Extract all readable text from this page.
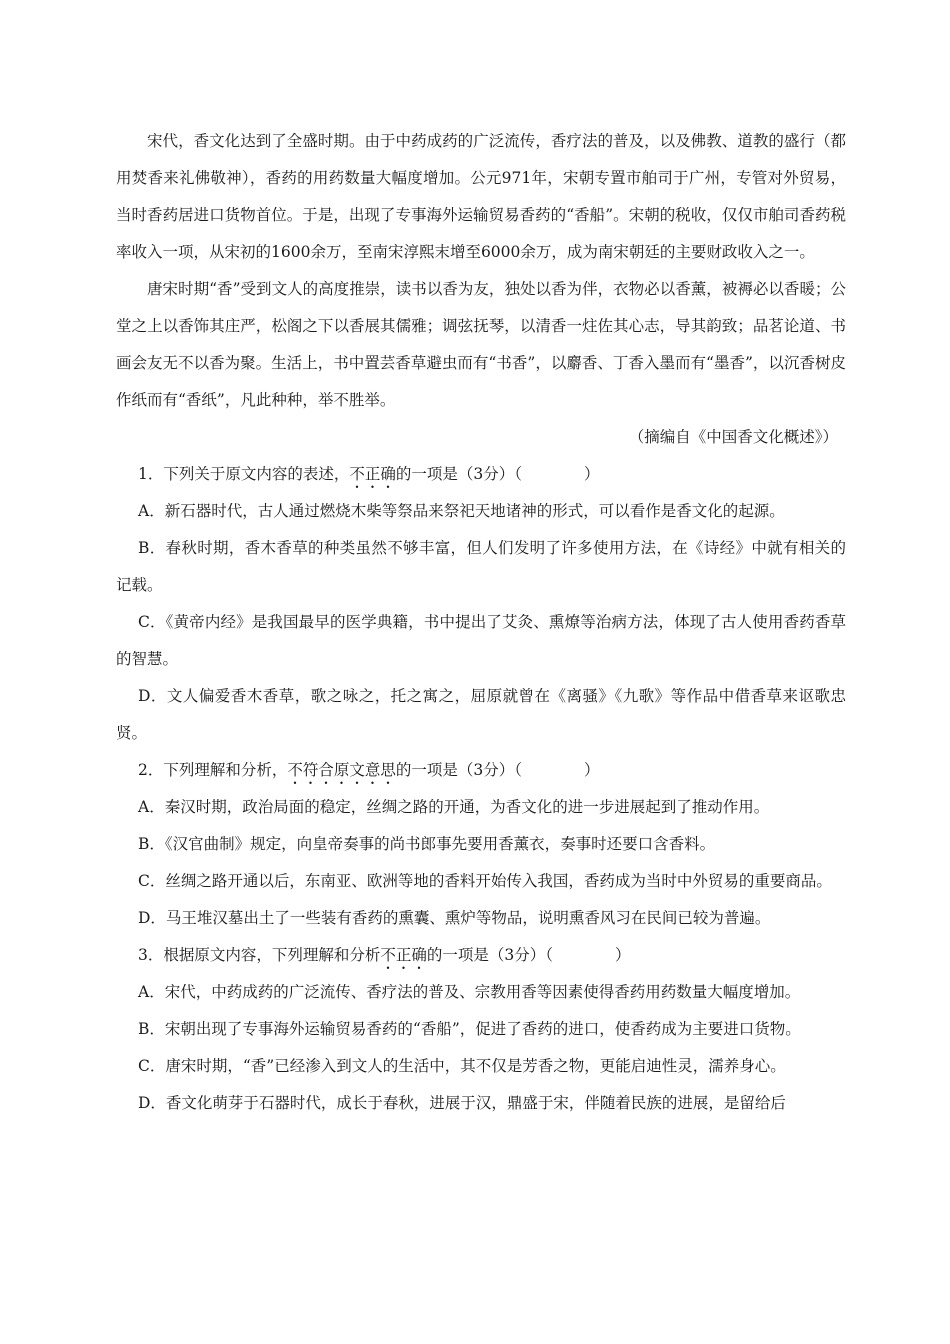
宋代，香文化达到了全盛时期。由于中药成药的广泛流传，香疗法的普及，以及佛教、道教的盛行（都用焚香来礼佛敬神），香药的用药数量大幅度增加。公元971年，宋朝专置市舶司于广州，专管对外贸易，当时香药居进口货物首位。于是，出现了专事海外运输贸易香药的“香船”。宋朝的税收，仅仅市舶司香药税率收入一项，从宋初的1600余万，至南宋淳熙末增至6000余万，成为南宋朝廷的主要财政收入之一。

唐宋时期“香”受到文人的高度推崇，读书以香为友，独处以香为伴，衣物必以香薰，被褥必以香暖；公堂之上以香饰其庄严，松阁之下以香展其儒雅；调弦抚琴，以清香一炷佐其心志，导其韵致；品茗论道、书画会友无不以香为聚。生活上，书中置芸香草避虫而有“书香”，以麝香、丁香入墨而有“墨香”，以沉香树皮作纸而有“香纸”，凡此种种，举不胜举。

（摘编自《中国香文化概述》）

1．下列关于原文内容的表述，不正确的一项是（3分）（　　　　）

A．新石器时代，古人通过燃烧木柴等祭品来祭祀天地诸神的形式，可以看作是香文化的起源。

B．春秋时期，香木香草的种类虽然不够丰富，但人们发明了许多使用方法，在《诗经》中就有相关的记载。

C．《黄帝内经》是我国最早的医学典籍，书中提出了艾灸、熏燎等治病方法，体现了古人使用香药香草的智慧。

D．文人偏爱香木香草，歌之咏之，托之寓之，屈原就曾在《离骚》《九歌》等作品中借香草来讴歌忠贤。

2．下列理解和分析，不符合原文意思的一项是（3分）（　　　　）

A．秦汉时期，政治局面的稳定，丝绸之路的开通，为香文化的进一步进展起到了推动作用。

B．《汉官曲制》规定，向皇帝奏事的尚书郎事先要用香薰衣，奏事时还要口含香料。

C．丝绸之路开通以后，东南亚、欧洲等地的香料开始传入我国，香药成为当时中外贸易的重要商品。

D．马王堆汉墓出土了一些装有香药的熏囊、熏炉等物品，说明熏香风习在民间已较为普遍。

3．根据原文内容，下列理解和分析不正确的一项是（3分）（　　　　）

A．宋代，中药成药的广泛流传、香疗法的普及、宗教用香等因素使得香药用药数量大幅度增加。

B．宋朝出现了专事海外运输贸易香药的“香船”，促进了香药的进口，使香药成为主要进口货物。

C．唐宋时期，“香”已经渗入到文人的生活中，其不仅是芳香之物，更能启迪性灵，濡养身心。

D．香文化萌芽于石器时代，成长于春秋，进展于汉，鼎盛于宋，伴随着民族的进展，是留给后
